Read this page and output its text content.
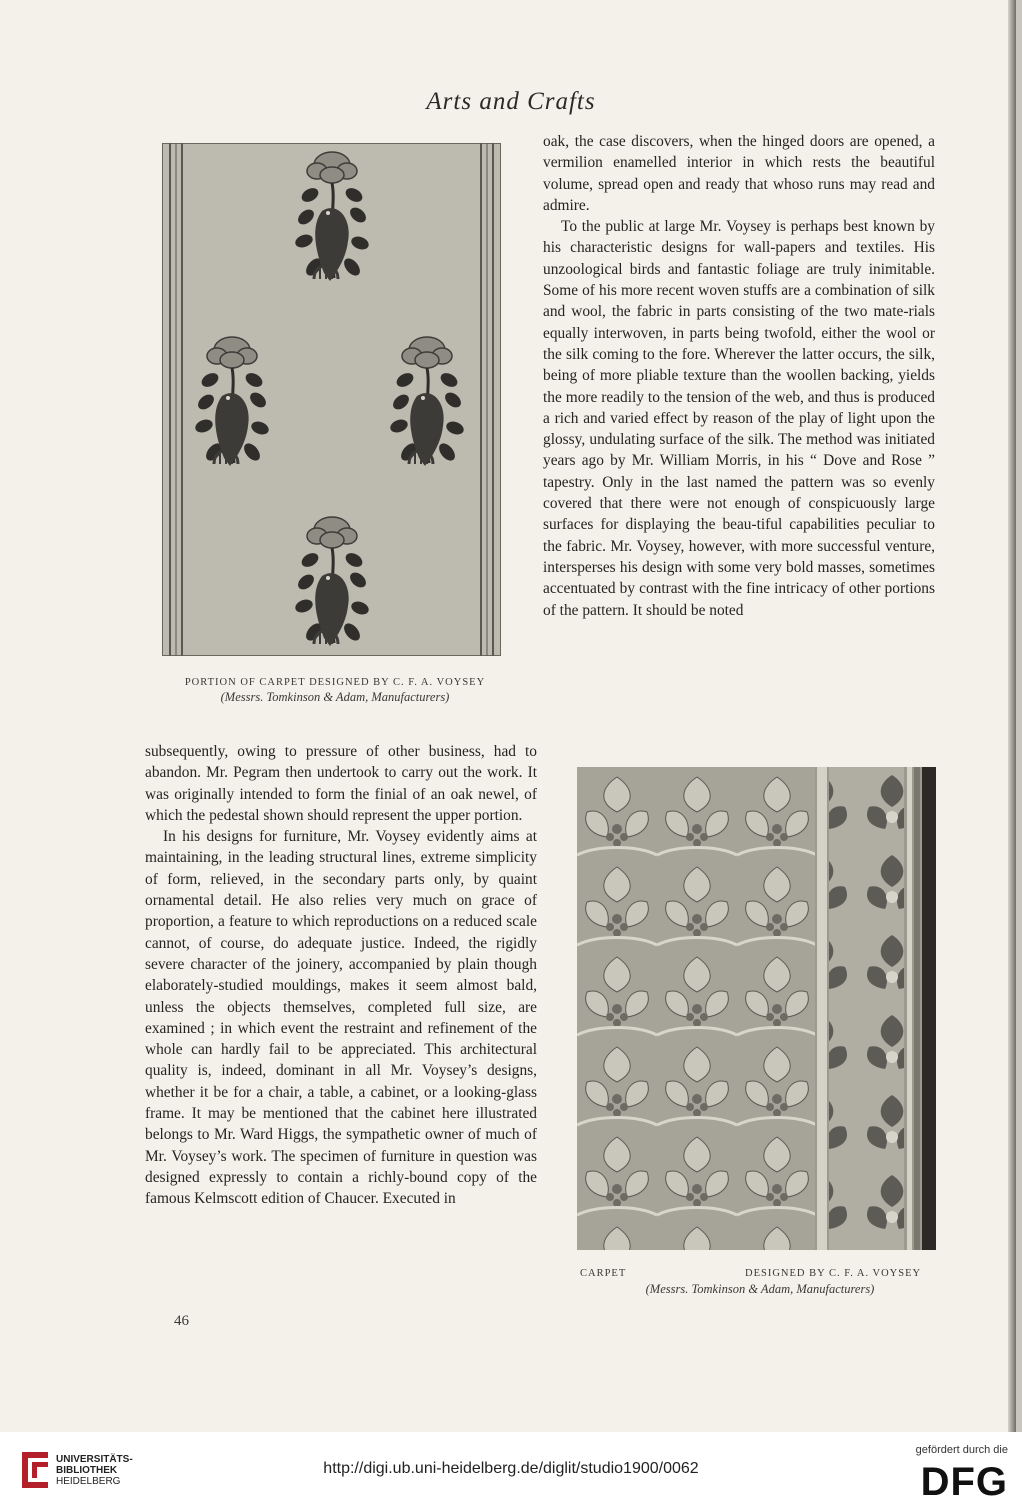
Arts and Crafts
PORTION OF CARPET DESIGNED BY C. F. A. VOYSEY
(Messrs. Tomkinson & Adam, Manufacturers)

oak, the case discovers, when the hinged doors are opened, a vermilion enamelled interior in which rests the beautiful volume, spread open and ready that whoso runs may read and admire.

To the public at large Mr. Voysey is perhaps best known by his characteristic designs for wall-papers and textiles. His unzoological birds and fantastic foliage are truly inimitable. Some of his more recent woven stuffs are a combination of silk and wool, the fabric in parts consisting of the two mate-rials equally interwoven, in parts being twofold, either the wool or the silk coming to the fore. Wherever the latter occurs, the silk, being of more pliable texture than the woollen backing, yields the more readily to the tension of the web, and thus is produced a rich and varied effect by reason of the play of light upon the glossy, undulating surface of the silk. The method was initiated years ago by Mr. William Morris, in his “ Dove and Rose ” tapestry. Only in the last named the pattern was so evenly covered that there were not enough of conspicuously large surfaces for displaying the beau-tiful capabilities peculiar to the fabric. Mr. Voysey, however, with more successful venture, intersperses his design with some very bold masses, sometimes accentuated by contrast with the fine intricacy of other portions of the pattern. It should be noted

subsequently, owing to pressure of other business, had to abandon. Mr. Pegram then undertook to carry out the work. It was originally intended to form the finial of an oak newel, of which the pedestal shown should represent the upper portion.

In his designs for furniture, Mr. Voysey evidently aims at maintaining, in the leading structural lines, extreme simplicity of form, relieved, in the secondary parts only, by quaint ornamental detail. He also relies very much on grace of proportion, a feature to which reproductions on a reduced scale cannot, of course, do adequate justice. Indeed, the rigidly severe character of the joinery, accompanied by plain though elaborately-studied mouldings, makes it seem almost bald, unless the objects themselves, completed full size, are examined ; in which event the restraint and refinement of the whole can hardly fail to be appreciated. This architectural quality is, indeed, dominant in all Mr. Voysey’s designs, whether it be for a chair, a table, a cabinet, or a looking-glass frame. It may be mentioned that the cabinet here illustrated belongs to Mr. Ward Higgs, the sympathetic owner of much of Mr. Voysey’s work. The specimen of furniture in question was designed expressly to contain a richly-bound copy of the famous Kelmscott edition of Chaucer. Executed in

CARPET	DESIGNED BY C. F. A. VOYSEY
(Messrs. Tomkinson & Adam, Manufacturers)
46
UNIVERSITÄTS-
BIBLIOTHEK
HEIDELBERG
http://digi.ub.uni-heidelberg.de/diglit/studio1900/0062
gefördert durch die
DFG
